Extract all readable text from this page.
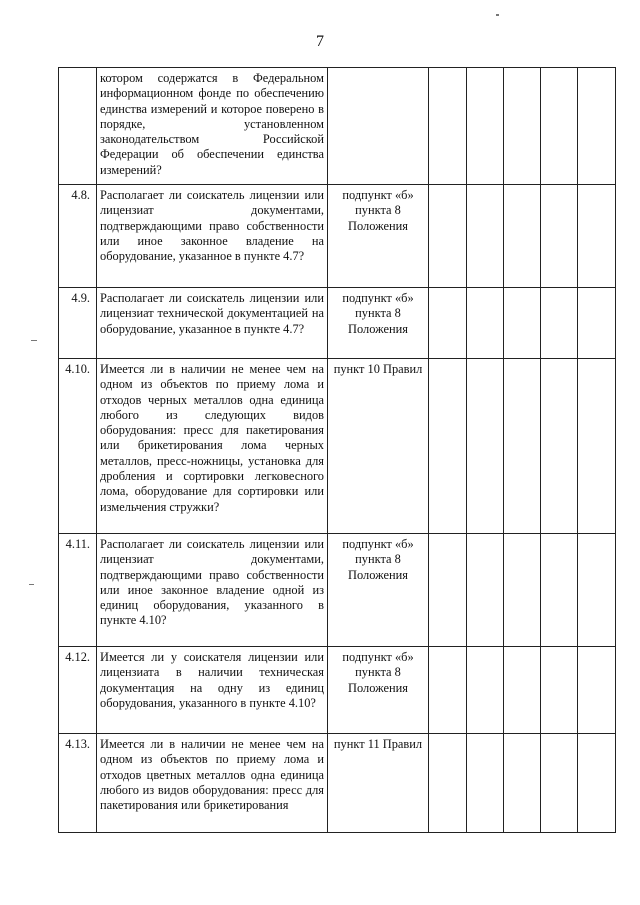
7
	котором содержатся в Федеральном информационном фонде по обеспечению единства измерений и которое поверено в порядке, установленном законодательством Российской Федерации об обеспечении единства измерений?						
4.8.	Располагает ли соискатель лицензии или лицензиат документами, подтверждающими право собственности или иное законное владение на оборудование, указанное в пункте 4.7?	подпункт «б» пункта 8 Положения					
4.9.	Располагает ли соискатель лицензии или лицензиат технической документацией на оборудование, указанное в пункте 4.7?	подпункт «б» пункта 8 Положения					
4.10.	Имеется ли в наличии не менее чем на одном из объектов по приему лома и отходов черных металлов одна единица любого из следующих видов оборудования: пресс для пакетирования или брикетирования лома черных металлов, пресс-ножницы, установка для дробления и сортировки легковесного лома, оборудование для сортировки или измельчения стружки?	пункт 10 Правил					
4.11.	Располагает ли соискатель лицензии или лицензиат документами, подтверждающими право собственности или иное законное владение одной из единиц оборудования, указанного в пункте 4.10?	подпункт «б» пункта 8 Положения					
4.12.	Имеется ли у соискателя лицензии или лицензиата в наличии техническая документация на одну из единиц оборудования, указанного в пункте 4.10?	подпункт «б» пункта 8 Положения					
4.13.	Имеется ли в наличии не менее чем на одном из объектов по приему лома и отходов цветных металлов одна единица любого из видов оборудования: пресс для пакетирования или брикетирования	пункт 11 Правил					
